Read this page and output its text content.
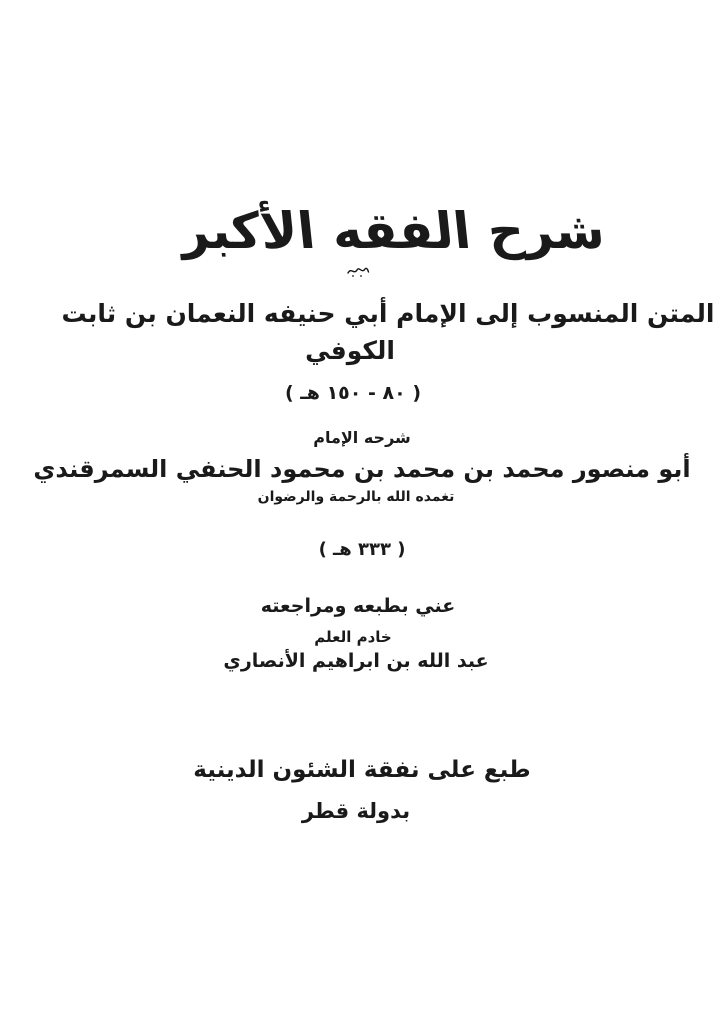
شرح الفقه الأكبر

المتن المنسوب إلى الإمام أبي حنيفه النعمان بن ثابت

الكوفي

( ٨٠ - ١٥٠ هـ )

شرحه الإمام

أبو منصور محمد بن محمد بن محمود الحنفي السمرقندي

تغمده الله بالرحمة والرضوان

( ٣٣٣ هـ )

عني بطبعه ومراجعته

خادم العلم

عبد الله بن ابراهيم الأنصاري

طبع على نفقة الشئون الدينية

بدولة قطر
